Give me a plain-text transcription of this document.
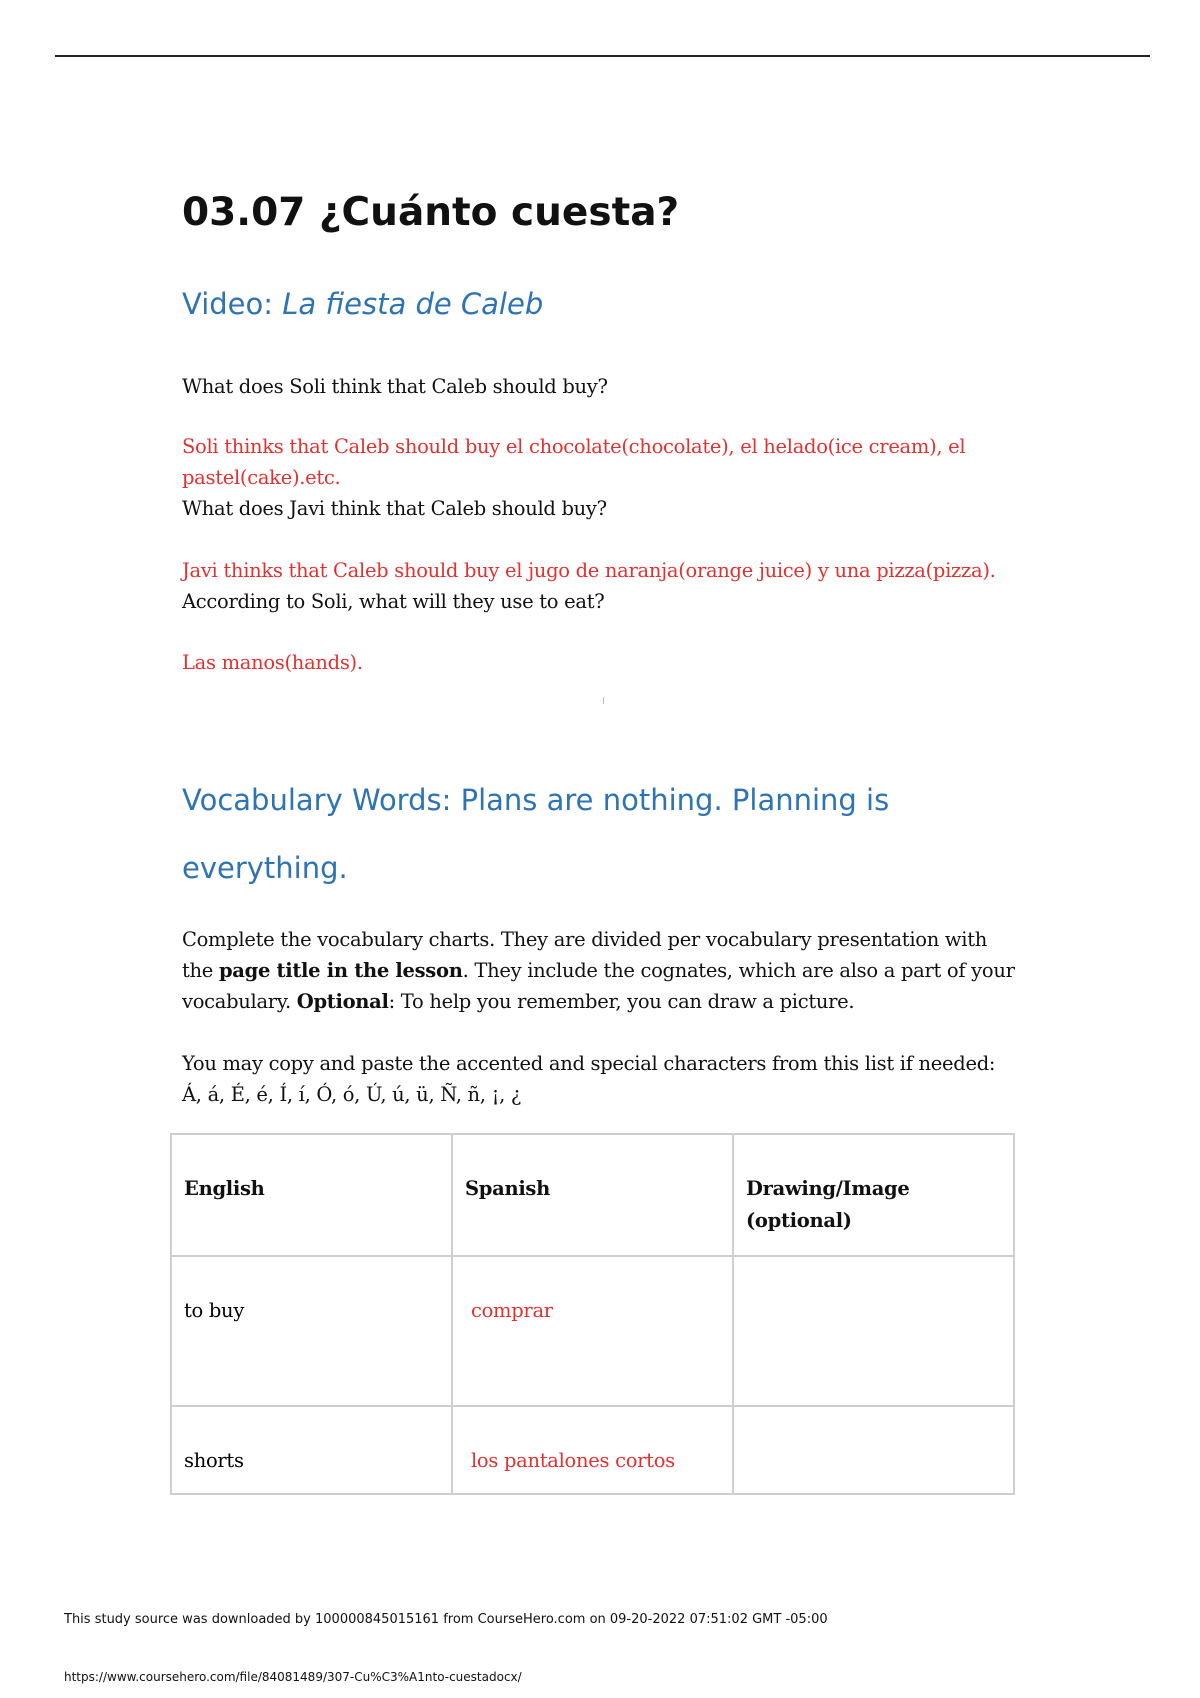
03.07 ¿Cuánto cuesta?
Video: La fiesta de Caleb

What does Soli think that Caleb should buy?

Soli thinks that Caleb should buy el chocolate(chocolate), el helado(ice cream), el pastel(cake).etc.

What does Javi think that Caleb should buy?

Javi thinks that Caleb should buy el jugo de naranja(orange juice) y una pizza(pizza).

According to Soli, what will they use to eat?

Las manos(hands).

Vocabulary Words: Plans are nothing. Planning is everything.

Complete the vocabulary charts. They are divided per vocabulary presentation with the page title in the lesson. They include the cognates, which are also a part of your vocabulary. Optional: To help you remember, you can draw a picture.

You may copy and paste the accented and special characters from this list if needed:
Á, á, É, é, Í, í, Ó, ó, Ú, ú, ü, Ñ, ñ, ¡, ¿

English	Spanish	Drawing/Image (optional)
to buy	comprar	
shorts	los pantalones cortos	
This study source was downloaded by 100000845015161 from CourseHero.com on 09-20-2022 07:51:02 GMT -05:00
https://www.coursehero.com/file/84081489/307-Cu%C3%A1nto-cuestadocx/
